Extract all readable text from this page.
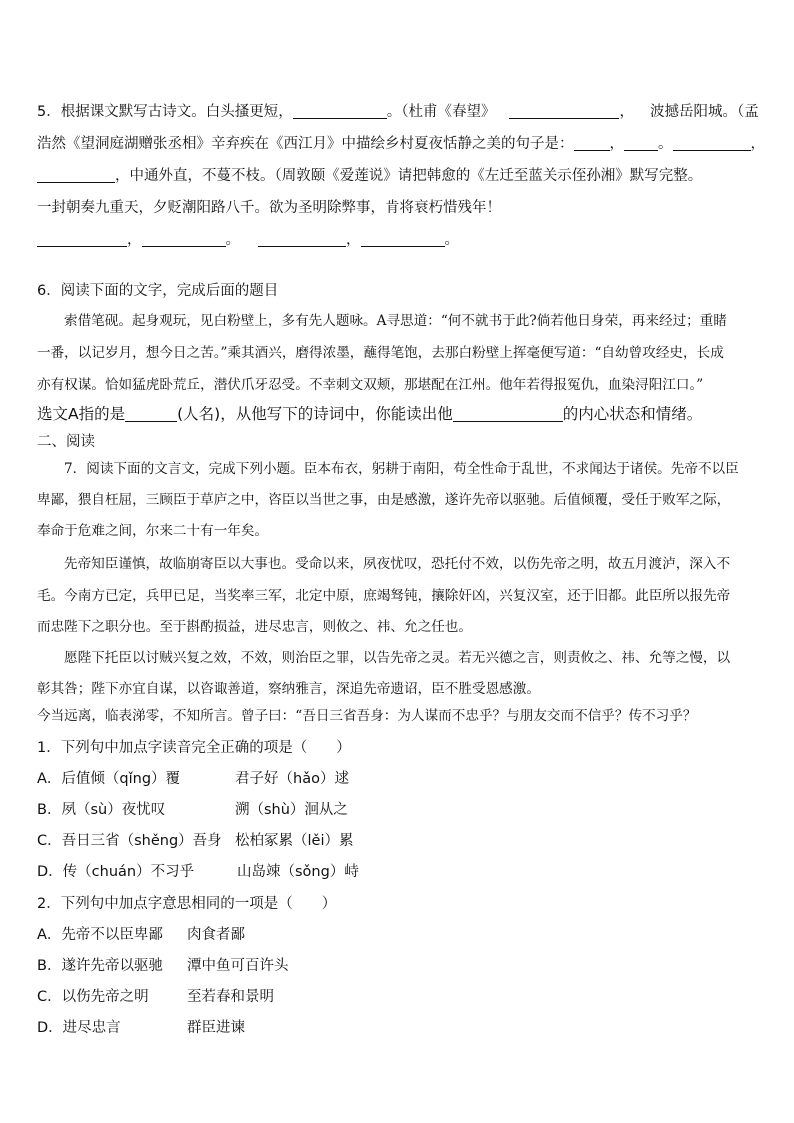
5．根据课文默写古诗文。白头搔更短，	。（杜甫《春望》	， 波撼岳阳城。（孟
浩然《望洞庭湖赠张丞相》辛弃疾在《西江月》中描绘乡村夏夜恬静之美的句子是： ， 。	，
，中通外直，不蔓不枝。（周敦颐《爱莲说》请把韩愈的《左迁至蓝关示侄孙湘》默写完整。
一封朝奏九重天，夕贬潮阳路八千。欲为圣明除弊事，肯将衰朽惜残年！
，	。	，	。
6．阅读下面的文字，完成后面的题目
索借笔砚。起身观玩，见白粉壁上，多有先人题咏。A寻思道：“何不就书于此?倘若他日身荣，再来经过；重睹
一番，以记岁月，想今日之苦。”乘其酒兴，磨得浓墨，蘸得笔饱，去那白粉壁上挥毫便写道：“自幼曾攻经史，长成
亦有权谋。恰如猛虎卧荒丘，潜伏爪牙忍受。不幸刺文双颊，那堪配在江州。他年若得报冤仇，血染浔阳江口。”
选文A指的是	(人名)，从他写下的诗词中，你能读出他	的内心状态和情绪。
二、阅读
7．阅读下面的文言文，完成下列小题。臣本布衣，躬耕于南阳，苟全性命于乱世，不求闻达于诸侯。先帝不以臣
卑鄙，猥自枉屈，三顾臣于草庐之中，咨臣以当世之事，由是感激，遂许先帝以驱驰。后值倾覆，受任于败军之际，
奉命于危难之间，尔来二十有一年矣。
先帝知臣谨慎，故临崩寄臣以大事也。受命以来，夙夜忧叹，恐托付不效，以伤先帝之明，故五月渡泸，深入不
毛。今南方已定，兵甲已足，当奖率三军，北定中原，庶竭驽钝，攘除奸凶，兴复汉室，还于旧都。此臣所以报先帝
而忠陛下之职分也。至于斟酌损益，进尽忠言，则攸之、祎、允之任也。
愿陛下托臣以讨贼兴复之效，不效，则治臣之罪，以告先帝之灵。若无兴德之言，则责攸之、祎、允等之慢，以
彰其咎；陛下亦宜自谋，以咨诹善道，察纳雅言，深追先帝遗诏，臣不胜受恩感激。
今当远离，临表涕零，不知所言。曾子曰：“吾日三省吾身：为人谋而不忠乎？与朋友交而不信乎？传不习乎？
1．下列句中加点字读音完全正确的项是（　　）
A．后值倾（qǐng）覆	君子好（hǎo）逑
B．夙（sù）夜忧叹	溯（shù）洄从之
C．吾日三省（shěng）吾身 松柏冢累（lěi）累
D．传（chuán）不习乎	山岛竦（sǒng）峙
2．下列句中加点字意思相同的一项是（　　）
A．先帝不以臣卑鄙 肉食者鄙
B．遂许先帝以驱驰 潭中鱼可百许头
C．以伤先帝之明	至若春和景明
D．进尽忠言	群臣进谏
